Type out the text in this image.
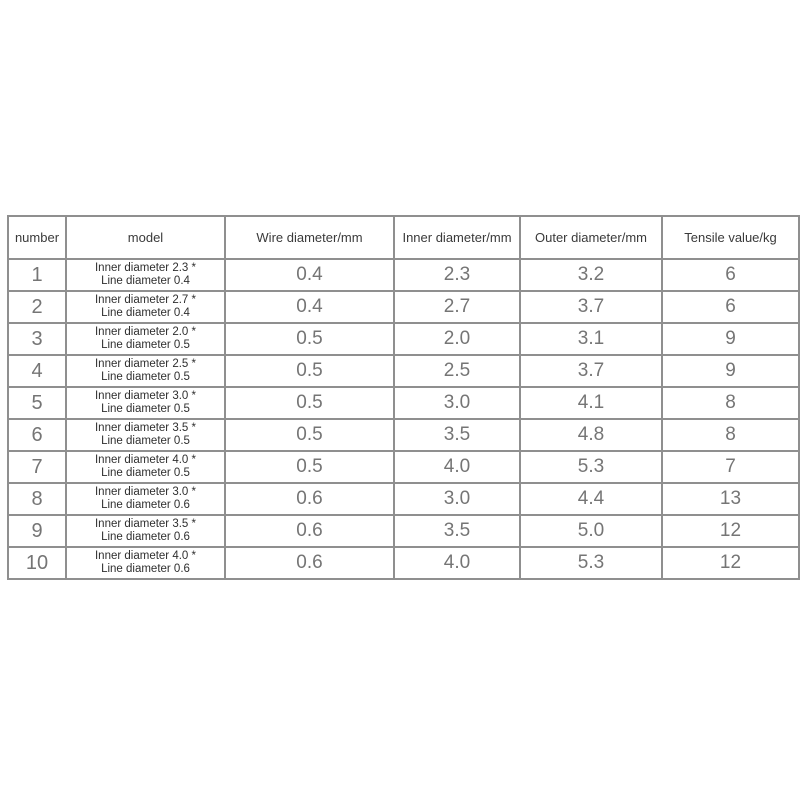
number	model	Wire diameter/mm	Inner diameter/mm	Outer diameter/mm	Tensile value/kg
1	Inner diameter 2.3 *
Line diameter 0.4	0.4	2.3	3.2	6
2	Inner diameter 2.7 *
Line diameter 0.4	0.4	2.7	3.7	6
3	Inner diameter 2.0 *
Line diameter 0.5	0.5	2.0	3.1	9
4	Inner diameter 2.5 *
Line diameter 0.5	0.5	2.5	3.7	9
5	Inner diameter 3.0 *
Line diameter 0.5	0.5	3.0	4.1	8
6	Inner diameter 3.5 *
Line diameter 0.5	0.5	3.5	4.8	8
7	Inner diameter 4.0 *
Line diameter 0.5	0.5	4.0	5.3	7
8	Inner diameter 3.0 *
Line diameter 0.6	0.6	3.0	4.4	13
9	Inner diameter 3.5 *
Line diameter 0.6	0.6	3.5	5.0	12
10	Inner diameter 4.0 *
Line diameter 0.6	0.6	4.0	5.3	12
